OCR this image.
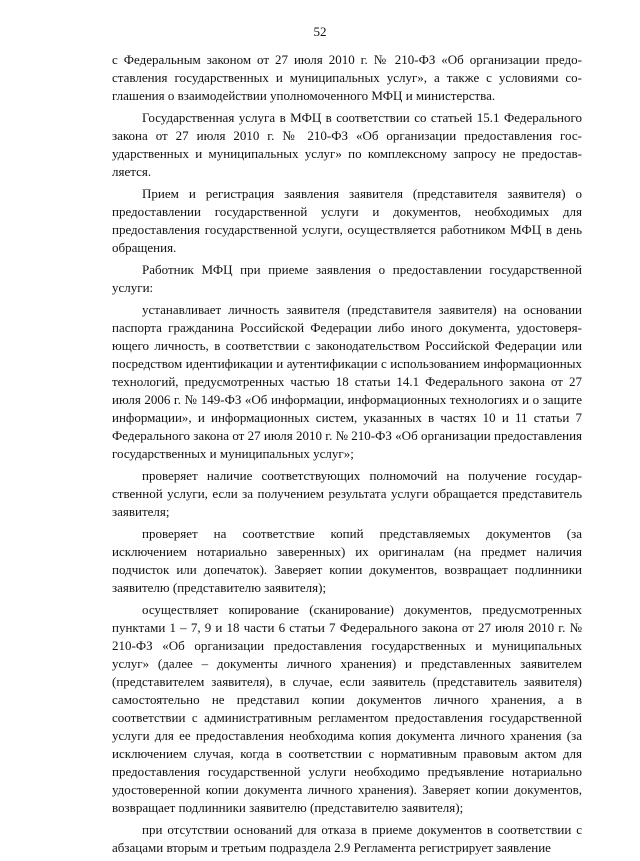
52

с Федеральным законом от 27 июля 2010 г. № 210-ФЗ «Об организации предоставления государственных и муниципальных услуг», а также с условиями соглашения о взаимодействии уполномоченного МФЦ и министерства.

Государственная услуга в МФЦ в соответствии со статьей 15.1 Федерального закона от 27 июля 2010 г. № 210-ФЗ «Об организации предоставления государственных и муниципальных услуг» по комплексному запросу не предоставляется.

Прием и регистрация заявления заявителя (представителя заявителя) о предоставлении государственной услуги и документов, необходимых для предоставления государственной услуги, осуществляется работником МФЦ в день обращения.

Работник МФЦ при приеме заявления о предоставлении государственной услуги:

устанавливает личность заявителя (представителя заявителя) на основании паспорта гражданина Российской Федерации либо иного документа, удостоверяющего личность, в соответствии с законодательством Российской Федерации или посредством идентификации и аутентификации с использованием информационных технологий, предусмотренных частью 18 статьи 14.1 Федерального закона от 27 июля 2006 г. № 149-ФЗ «Об информации, информационных технологиях и о защите информации», и информационных систем, указанных в частях 10 и 11 статьи 7 Федерального закона от 27 июля 2010 г. № 210-ФЗ «Об организации предоставления государственных и муниципальных услуг»;

проверяет наличие соответствующих полномочий на получение государственной услуги, если за получением результата услуги обращается представитель заявителя;

проверяет на соответствие копий представляемых документов (за исключением нотариально заверенных) их оригиналам (на предмет наличия подчисток или допечаток). Заверяет копии документов, возвращает подлинники заявителю (представителю заявителя);

осуществляет копирование (сканирование) документов, предусмотренных пунктами 1 – 7, 9 и 18 части 6 статьи 7 Федерального закона от 27 июля 2010 г. № 210-ФЗ «Об организации предоставления государственных и муниципальных услуг» (далее – документы личного хранения) и представленных заявителем (представителем заявителя), в случае, если заявитель (представитель заявителя) самостоятельно не представил копии документов личного хранения, а в соответствии с административным регламентом предоставления государственной услуги для ее предоставления необходима копия документа личного хранения (за исключением случая, когда в соответствии с нормативным правовым актом для предоставления государственной услуги необходимо предъявление нотариально удостоверенной копии документа личного хранения). Заверяет копии документов, возвращает подлинники заявителю (представителю заявителя);

при отсутствии оснований для отказа в приеме документов в соответствии с абзацами вторым и третьим подраздела 2.9 Регламента регистрирует заявление
